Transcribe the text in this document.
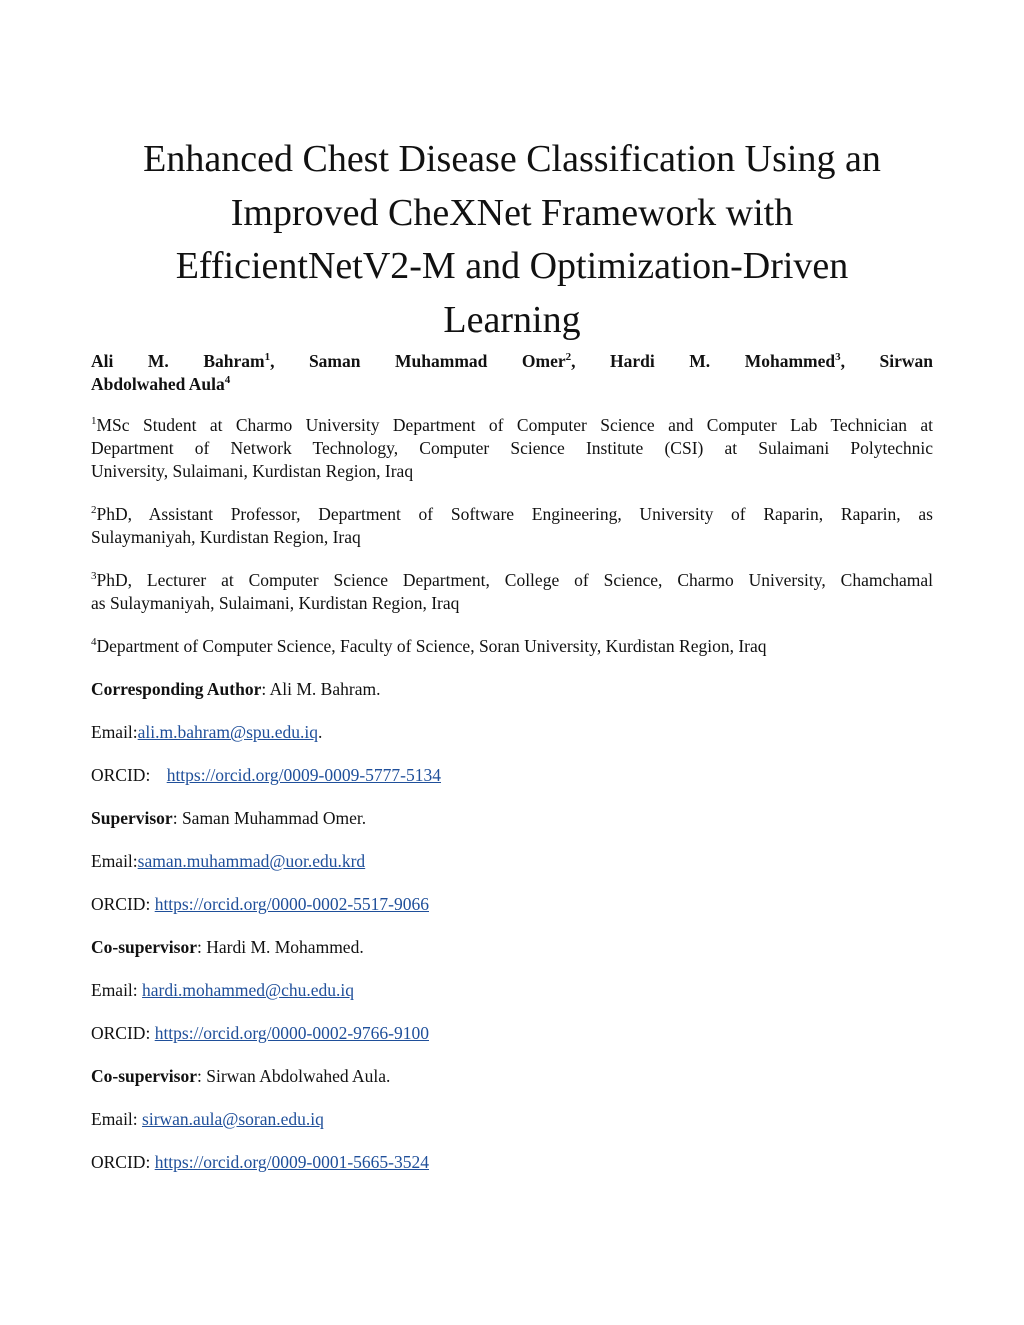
Enhanced Chest Disease Classification Using an
Improved CheXNet Framework with
EfficientNetV2-M and Optimization-Driven
Learning
Ali M. Bahram$^1$, Saman Muhammad Omer$^2$, Hardi M. Mohammed$^3$, Sirwan
Abdolwahed Aula$^4$
$^1$MSc Student at Charmo University Department of Computer Science and Computer Lab Technician at
Department of Network Technology, Computer Science Institute (CSI) at Sulaimani Polytechnic
University, Sulaimani, Kurdistan Region, Iraq
$^2$PhD, Assistant Professor, Department of Software Engineering, University of Raparin, Raparin, as
Sulaymaniyah, Kurdistan Region, Iraq
$^3$PhD, Lecturer at Computer Science Department, College of Science, Charmo University, Chamchamal
as Sulaymaniyah, Sulaimani, Kurdistan Region, Iraq
$^4$Department of Computer Science, Faculty of Science, Soran University, Kurdistan Region, Iraq
Corresponding Author: Ali M. Bahram.
Email:ali.m.bahram@spu.edu.iq.
ORCID: https://orcid.org/0009-0009-5777-5134
Supervisor: Saman Muhammad Omer.
Email:saman.muhammad@uor.edu.krd
ORCID: https://orcid.org/0000-0002-5517-9066
Co-supervisor: Hardi M. Mohammed.
Email: hardi.mohammed@chu.edu.iq
ORCID: https://orcid.org/0000-0002-9766-9100
Co-supervisor: Sirwan Abdolwahed Aula.
Email: sirwan.aula@soran.edu.iq
ORCID: https://orcid.org/0009-0001-5665-3524
